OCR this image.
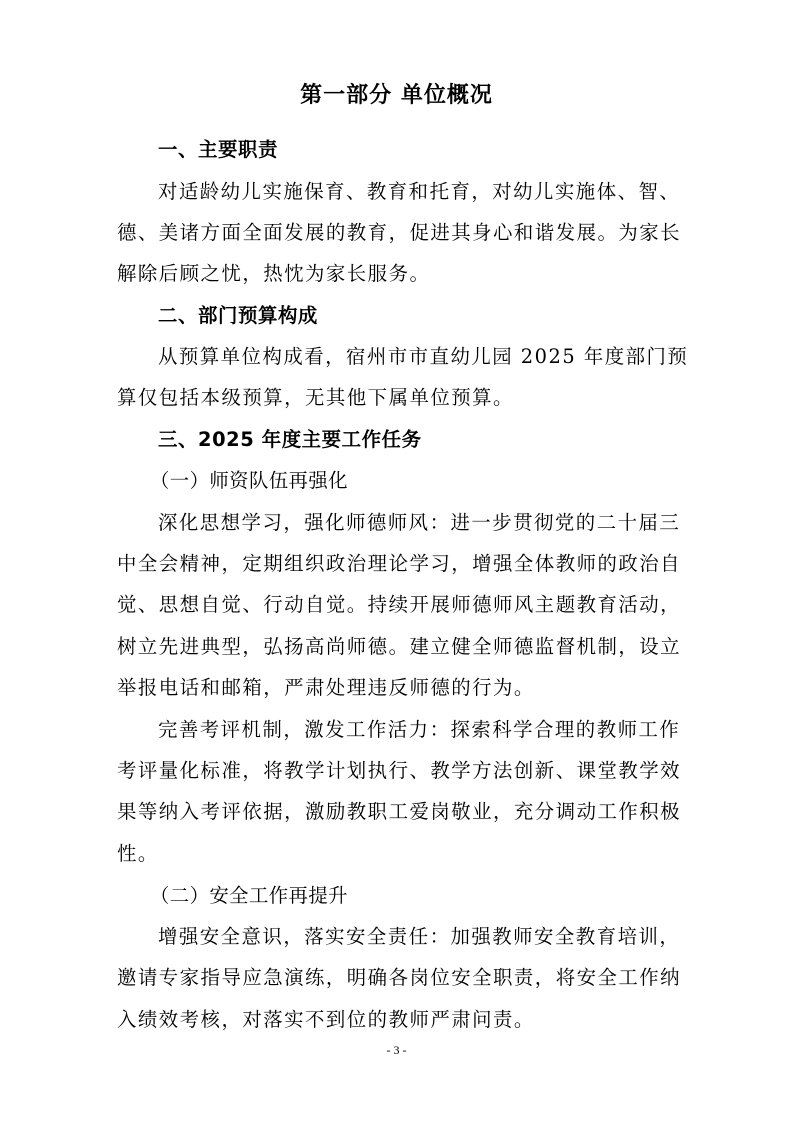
第一部分 单位概况
一、主要职责
对适龄幼儿实施保育、教育和托育，对幼儿实施体、智、
德、美诸方面全面发展的教育，促进其身心和谐发展。为家长
解除后顾之忧，热忱为家长服务。
二、部门预算构成
从预算单位构成看，宿州市市直幼儿园 2025 年度部门预
算仅包括本级预算，无其他下属单位预算。
三、2025 年度主要工作任务
（一）师资队伍再强化
深化思想学习，强化师德师风：进一步贯彻党的二十届三
中全会精神，定期组织政治理论学习，增强全体教师的政治自
觉、思想自觉、行动自觉。持续开展师德师风主题教育活动，
树立先进典型，弘扬高尚师德。建立健全师德监督机制，设立
举报电话和邮箱，严肃处理违反师德的行为。
完善考评机制，激发工作活力：探索科学合理的教师工作
考评量化标准，将教学计划执行、教学方法创新、课堂教学效
果等纳入考评依据，激励教职工爱岗敬业，充分调动工作积极
性。
（二）安全工作再提升
增强安全意识，落实安全责任：加强教师安全教育培训，
邀请专家指导应急演练，明确各岗位安全职责，将安全工作纳
入绩效考核，对落实不到位的教师严肃问责。
- 3 -
